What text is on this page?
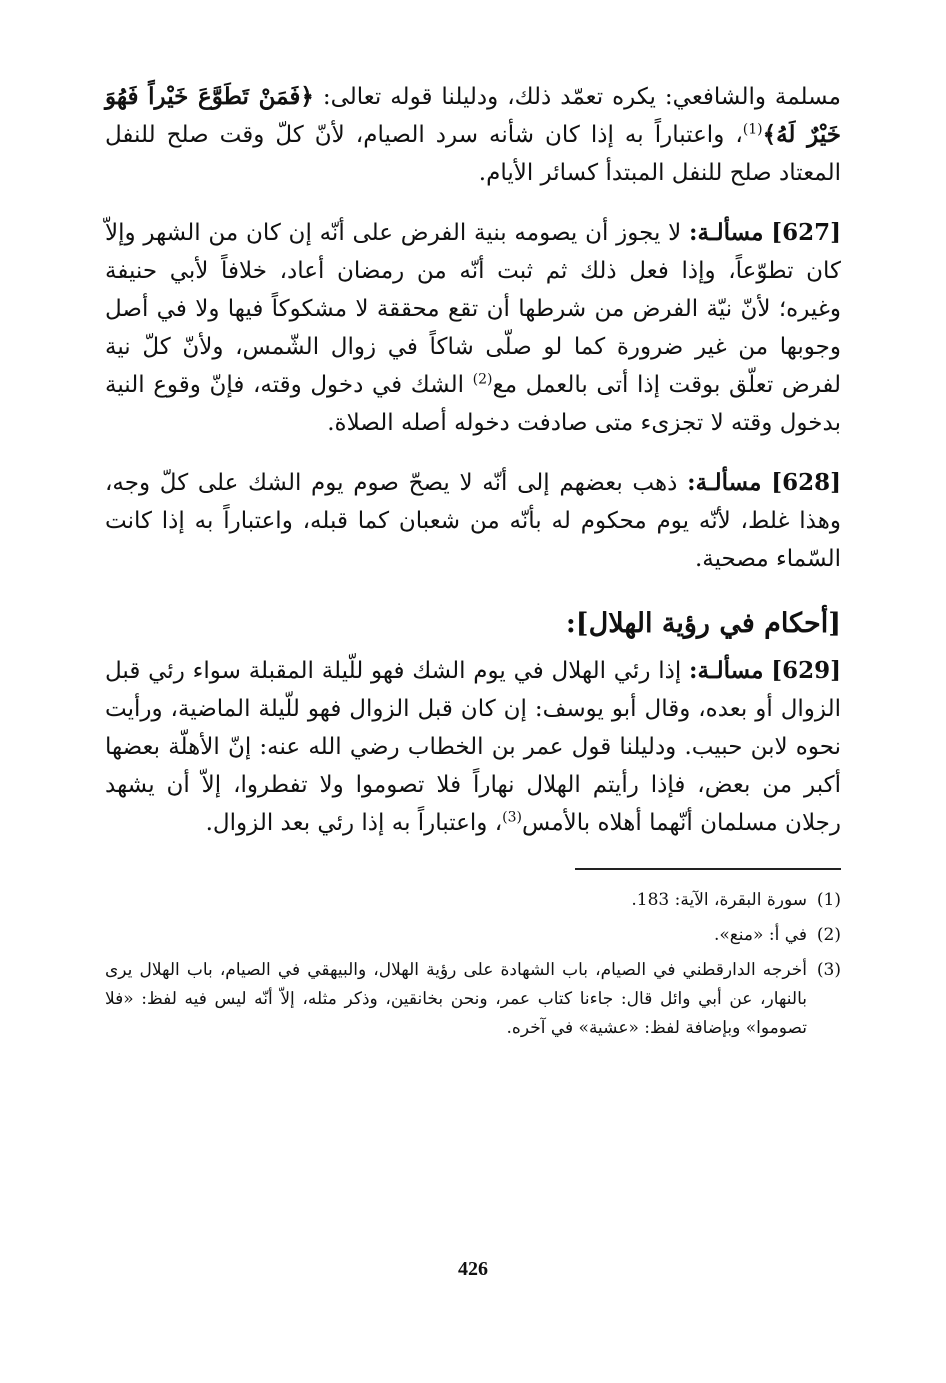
مسلمة والشافعي: يكره تعمّد ذلك، ودليلنا قوله تعالى: ﴿فَمَنْ تَطَوَّعَ خَيْراً فَهُوَ خَيْرٌ لَهُ﴾$^{(1)}$، واعتباراً به إذا كان شأنه سرد الصيام، لأنّ كلّ وقت صلح للنفل المعتاد صلح للنفل المبتدأ كسائر الأيام.

[627] مسألـة: لا يجوز أن يصومه بنية الفرض على أنّه إن كان من الشهر وإلاّ كان تطوّعاً، وإذا فعل ذلك ثم ثبت أنّه من رمضان أعاد، خلافاً لأبي حنيفة وغيره؛ لأنّ نيّة الفرض من شرطها أن تقع محققة لا مشكوكاً فيها ولا في أصل وجوبها من غير ضرورة كما لو صلّى شاكاً في زوال الشّمس، ولأنّ كلّ نية لفرض تعلّق بوقت إذا أتى بالعمل مع$^{(2)}$ الشك في دخول وقته، فإنّ وقوع النية بدخول وقته لا تجزىء متى صادفت دخوله أصله الصلاة.

[628] مسألـة: ذهب بعضهم إلى أنّه لا يصحّ صوم يوم الشك على كلّ وجه، وهذا غلط، لأنّه يوم محكوم له بأنّه من شعبان كما قبله، واعتباراً به إذا كانت السّماء مصحية.

[أحكام في رؤية الهلال]:

[629] مسألـة: إذا رئي الهلال في يوم الشك فهو للّيلة المقبلة سواء رئي قبل الزوال أو بعده، وقال أبو يوسف: إن كان قبل الزوال فهو للّيلة الماضية، ورأيت نحوه لابن حبيب. ودليلنا قول عمر بن الخطاب رضي الله عنه: إنّ الأهلّة بعضها أكبر من بعض، فإذا رأيتم الهلال نهاراً فلا تصوموا ولا تفطروا، إلاّ أن يشهد رجلان مسلمان أنّهما أهلاه بالأمس$^{(3)}$، واعتباراً به إذا رئي بعد الزوال.

(1)
سورة البقرة، الآية: 183.
(2)
في أ: «منع».
(3)
أخرجه الدارقطني في الصيام، باب الشهادة على رؤية الهلال، والبيهقي في الصيام، باب الهلال يرى بالنهار، عن أبي وائل قال: جاءنا كتاب عمر، ونحن بخانقين، وذكر مثله، إلاّ أنّه ليس فيه لفظ: «فلا تصوموا» وبإضافة لفظ: «عشية» في آخره.
426
